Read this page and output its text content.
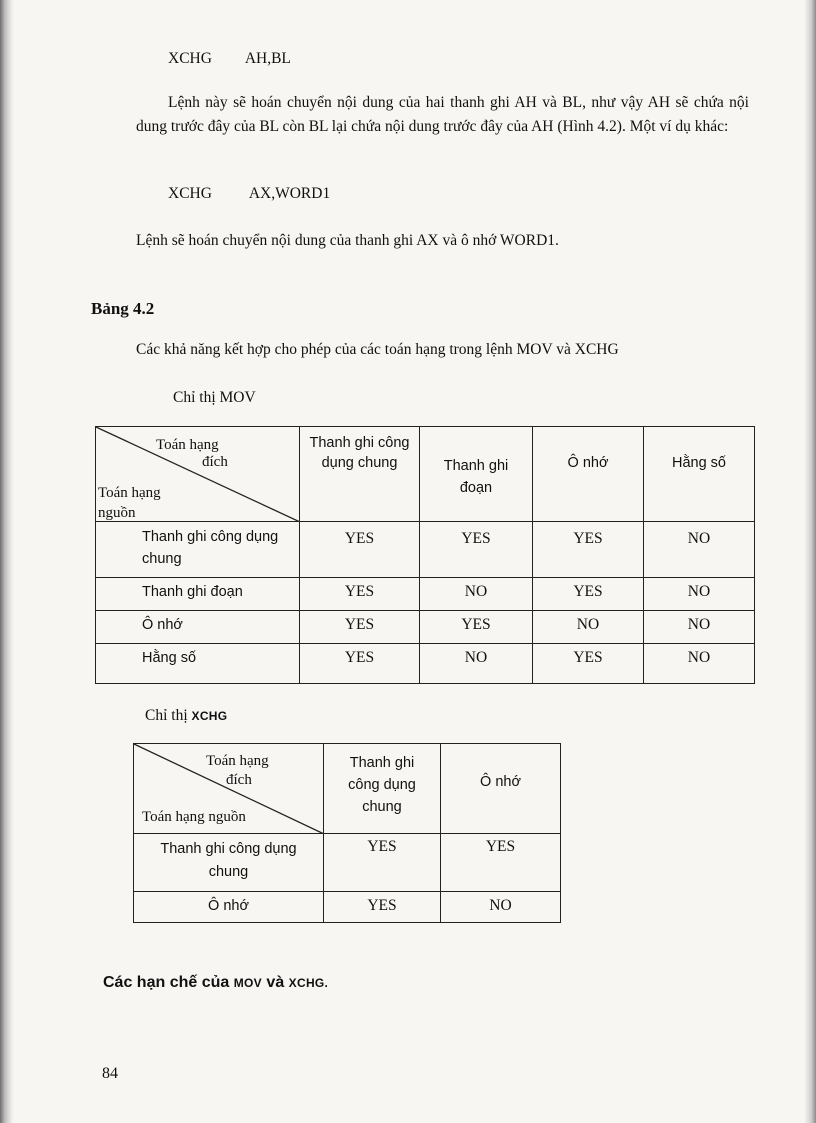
XCHG AH,BL

Lệnh này sẽ hoán chuyển nội dung của hai thanh ghi AH và BL, như vậy AH sẽ chứa nội dung trước đây của BL còn BL lại chứa nội dung trước đây của AH (Hình 4.2). Một ví dụ khác:

XCHG AX,WORD1
Lệnh sẽ hoán chuyển nội dung của thanh ghi AX và ô nhớ WORD1.
Bảng 4.2
Các khả năng kết hợp cho phép của các toán hạng trong lệnh MOV và XCHG
Chỉ thị MOV
Toán hạng
đích
Toán hạng
nguồn	Thanh ghi công dụng chung	Thanh ghi đoạn	Ô nhớ	Hằng số
Thanh ghi công dụng chung	YES	YES	YES	NO
Thanh ghi đoạn	YES	NO	YES	NO
Ô nhớ	YES	YES	NO	NO
Hằng số	YES	NO	YES	NO
Chỉ thị XCHG
Toán hạng
đích
Toán hạng nguồn	Thanh ghi công dụng chung	Ô nhớ
Thanh ghi công dụng chung	YES	YES
Ô nhớ	YES	NO
Các hạn chế của MOV và XCHG.
84
